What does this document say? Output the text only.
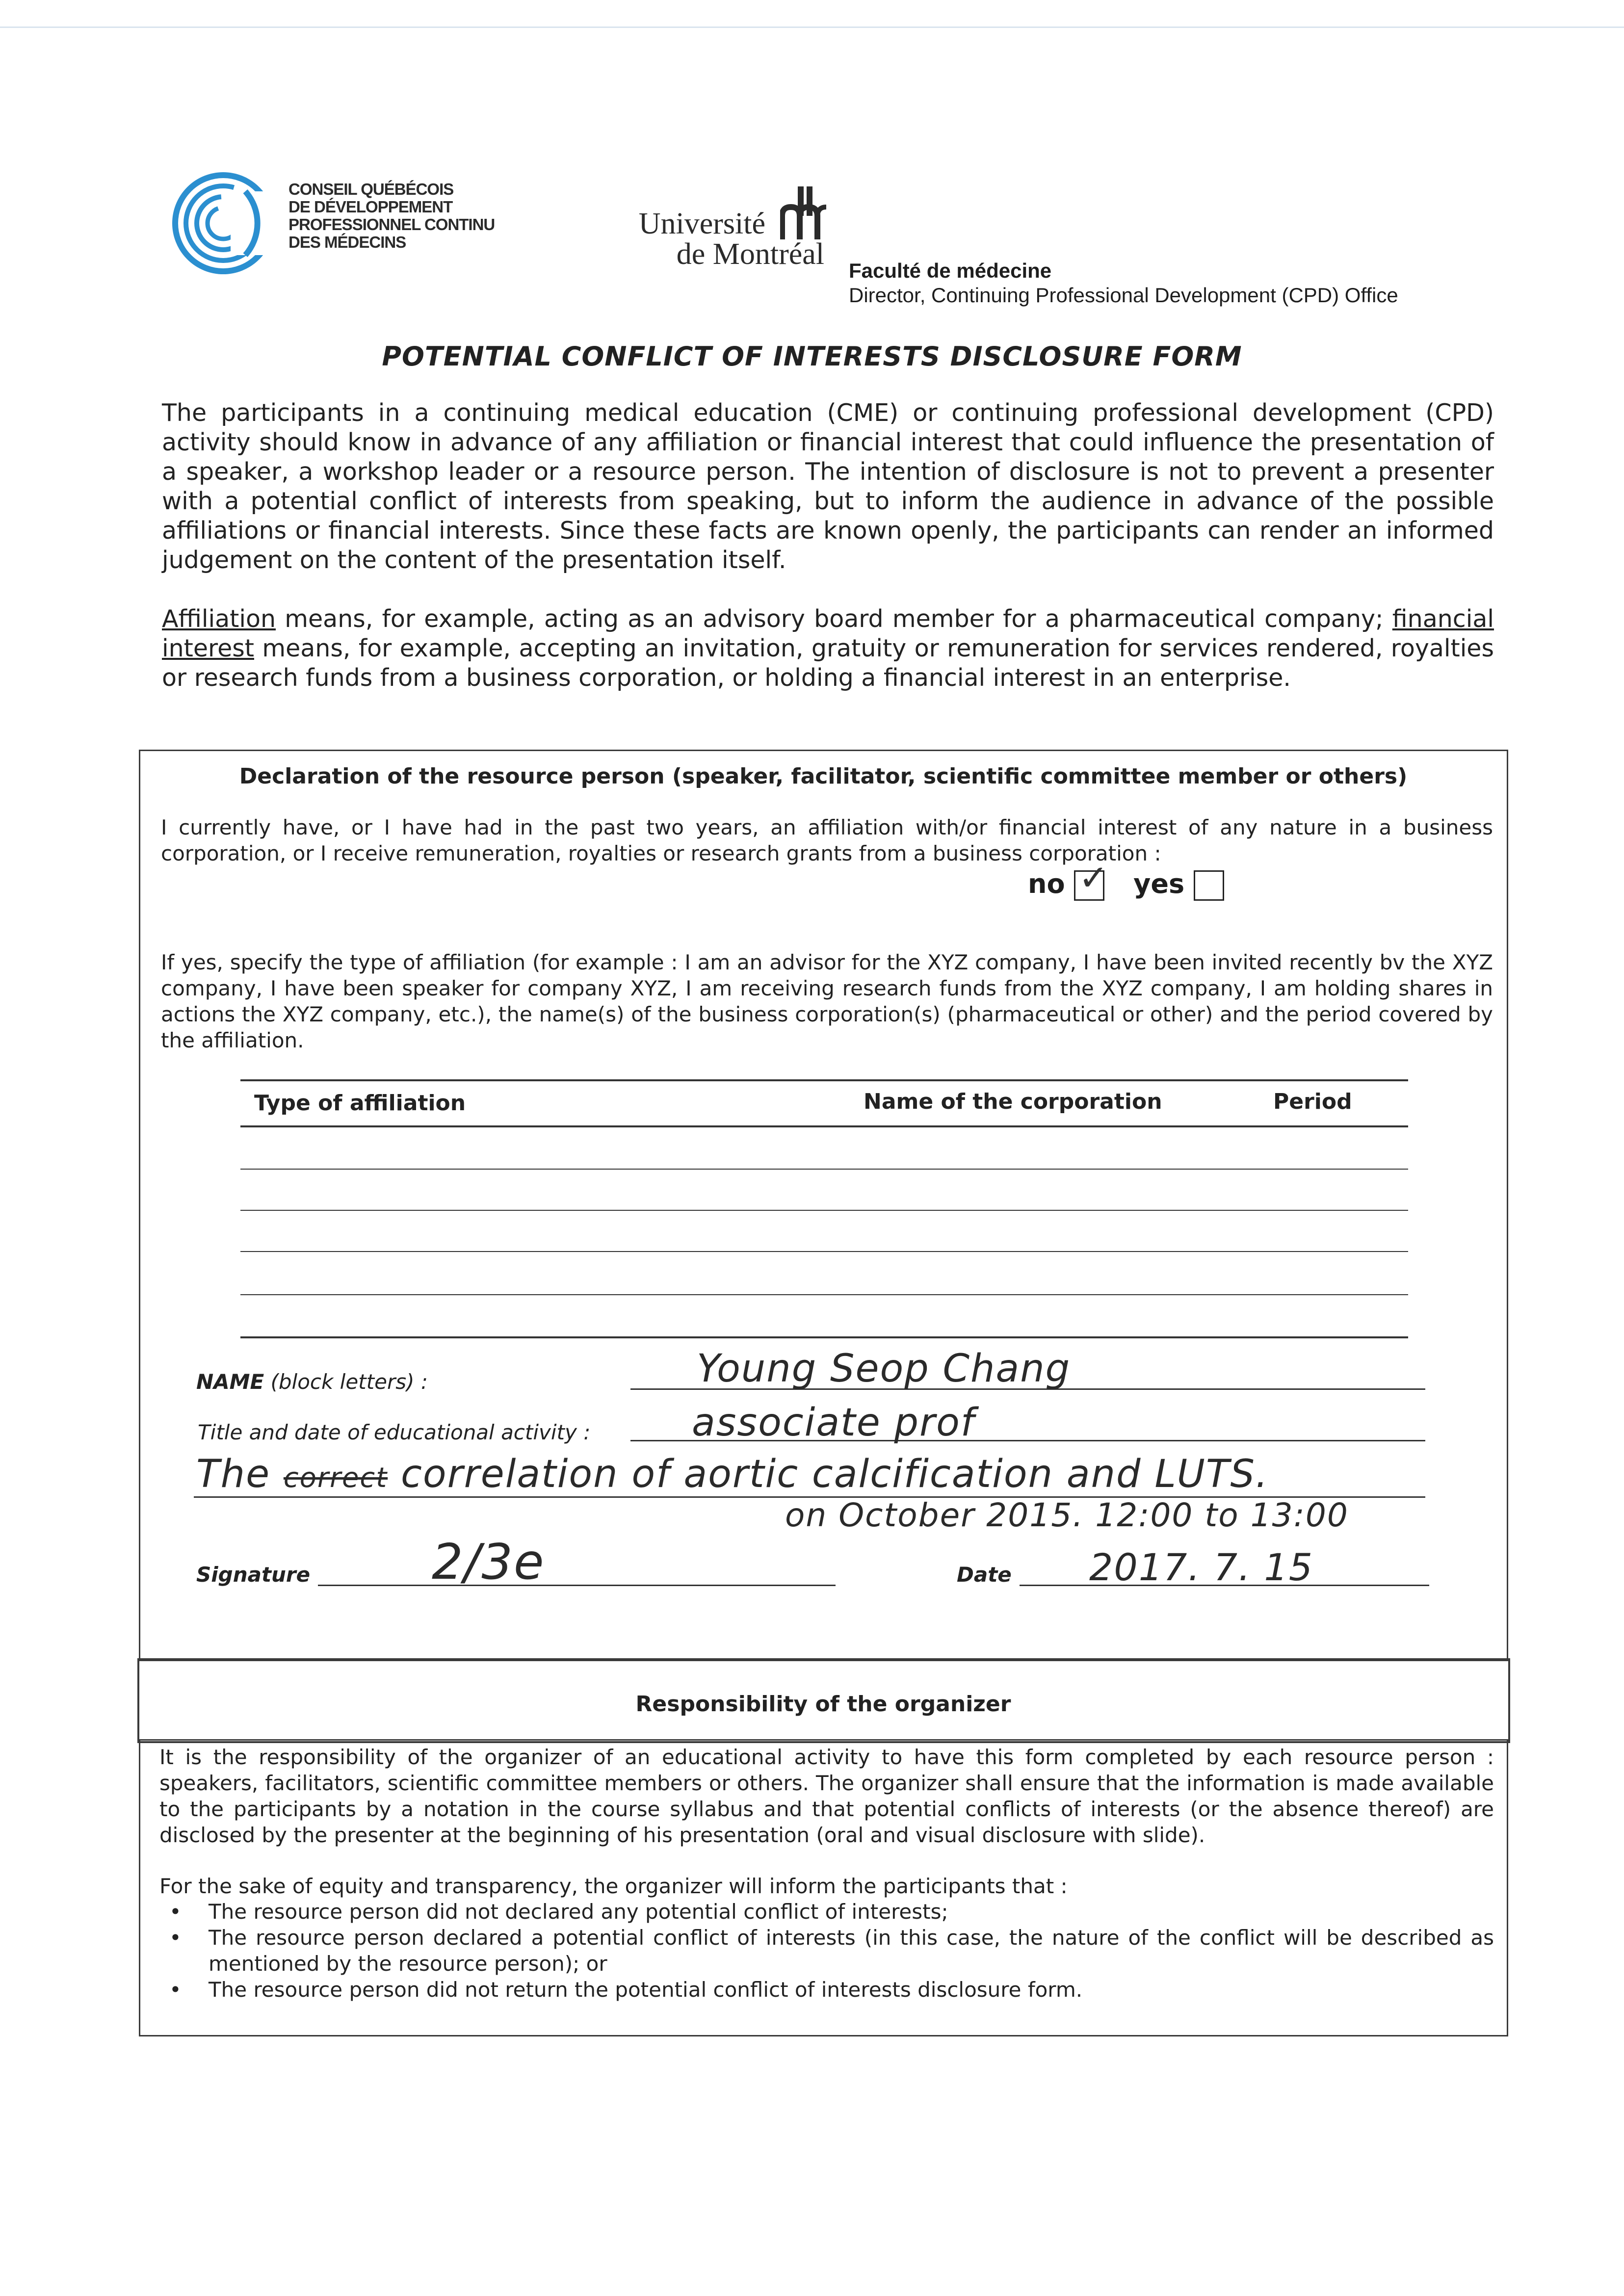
CONSEIL QUÉBÉCOIS
DE DÉVELOPPEMENT
PROFESSIONNEL CONTINU
DES MÉDECINS
Université
de Montréal Faculté de médecine
Director, Continuing Professional Development (CPD) Office
POTENTIAL CONFLICT OF INTERESTS DISCLOSURE FORM
The participants in a continuing medical education (CME) or continuing professional development (CPD) activity should know in advance of any affiliation or financial interest that could influence the presentation of a speaker, a workshop leader or a resource person. The intention of disclosure is not to prevent a presenter with a potential conflict of interests from speaking, but to inform the audience in advance of the possible affiliations or financial interests. Since these facts are known openly, the participants can render an informed judgement on the content of the presentation itself.
Affiliation means, for example, acting as an advisory board member for a pharmaceutical company; financial interest means, for example, accepting an invitation, gratuity or remuneration for services rendered, royalties or research funds from a business corporation, or holding a financial interest in an enterprise.
Declaration of the resource person (speaker, facilitator, scientific committee member or others)
I currently have, or I have had in the past two years, an affiliation with/or financial interest of any nature in a business corporation, or I receive remuneration, royalties or research grants from a business corporation :
no ✓ yes
If yes, specify the type of affiliation (for example : I am an advisor for the XYZ company, I have been invited recently bv the XYZ company, I have been speaker for company XYZ, I am receiving research funds from the XYZ company, I am holding shares in actions the XYZ company, etc.), the name(s) of the business corporation(s) (pharmaceutical or other) and the period covered by the affiliation.
Type of affiliation	Name of the corporation	Period
NAME (block letters) :	Young Seop Chang
Title and date of educational activity :	associate prof
The correct correlation of aortic calcification and LUTS.
on October 2015. 12:00 to 13:00
Signature 2/3e	Date 2017. 7. 15
Responsibility of the organizer
It is the responsibility of the organizer of an educational activity to have this form completed by each resource person : speakers, facilitators, scientific committee members or others. The organizer shall ensure that the information is made available to the participants by a notation in the course syllabus and that potential conflicts of interests (or the absence thereof) are disclosed by the presenter at the beginning of his presentation (oral and visual disclosure with slide).
For the sake of equity and transparency, the organizer will inform the participants that :
• The resource person did not declared any potential conflict of interests;
• The resource person declared a potential conflict of interests (in this case, the nature of the conflict will be described as mentioned by the resource person); or
• The resource person did not return the potential conflict of interests disclosure form.
